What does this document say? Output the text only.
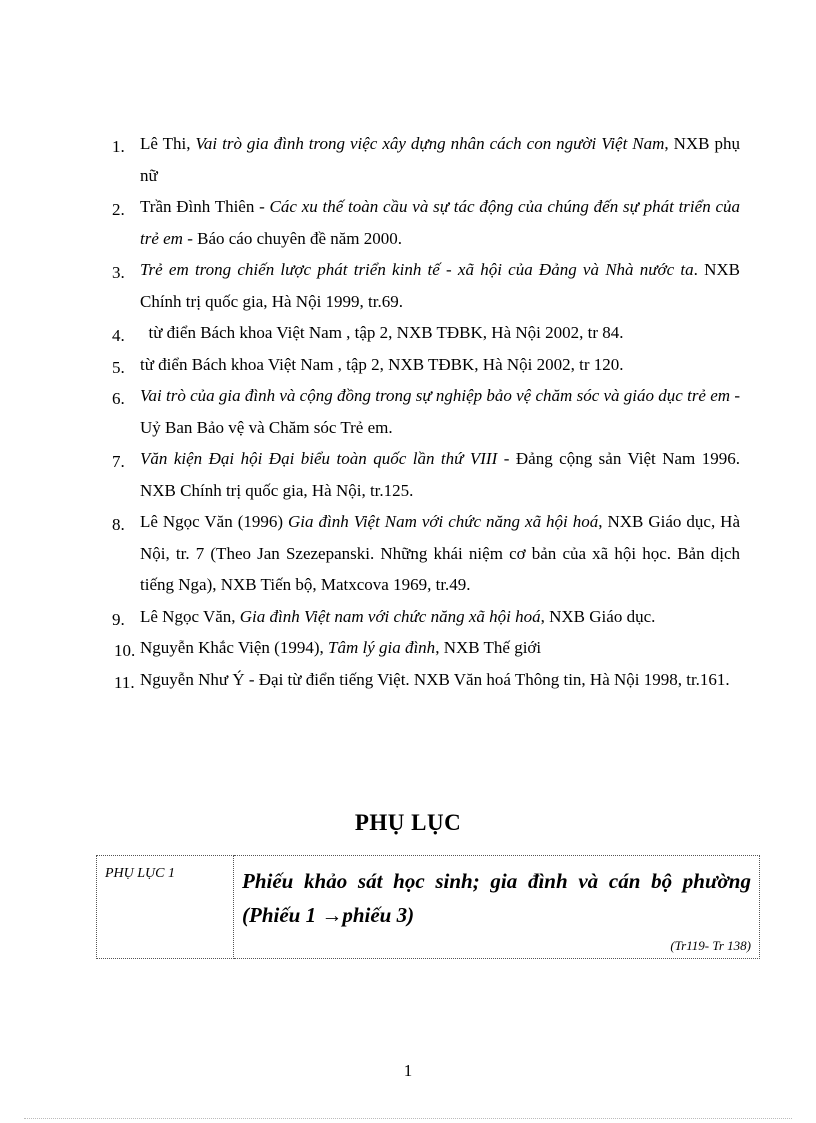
1. Lê Thi, Vai trò gia đình trong việc xây dựng nhân cách con người Việt Nam, NXB phụ nữ
2. Trần Đình Thiên - Các xu thế toàn cầu và sự tác động của chúng đến sự phát triển của trẻ em - Báo cáo chuyên đề năm 2000.
3. Trẻ em trong chiến lược phát triển kinh tế - xã hội của Đảng và Nhà nước ta. NXB Chính trị quốc gia, Hà Nội 1999, tr.69.
4. từ điển Bách khoa Việt Nam , tập 2, NXB TĐBK, Hà Nội 2002, tr 84.
5. từ điển Bách khoa Việt Nam , tập 2, NXB TĐBK, Hà Nội 2002, tr 120.
6. Vai trò của gia đình và cộng đồng trong sự nghiệp bảo vệ chăm sóc và giáo dục trẻ em - Uỷ Ban Bảo vệ và Chăm sóc Trẻ em.
7. Văn kiện Đại hội Đại biểu toàn quốc lần thứ VIII - Đảng cộng sản Việt Nam 1996. NXB Chính trị quốc gia, Hà Nội, tr.125.
8. Lê Ngọc Văn (1996) Gia đình Việt Nam với chức năng xã hội hoá, NXB Giáo dục, Hà Nội, tr. 7 (Theo Jan Szezepanski. Những khái niệm cơ bản của xã hội học. Bản dịch tiếng Nga), NXB Tiến bộ, Matxcova 1969, tr.49.
9. Lê Ngọc Văn, Gia đình Việt nam với chức năng xã hội hoá, NXB Giáo dục.
10. Nguyễn Khắc Viện (1994), Tâm lý gia đình, NXB Thế giới
11. Nguyễn Như Ý - Đại từ điển tiếng Việt. NXB Văn hoá Thông tin, Hà Nội 1998, tr.161.
PHỤ LỤC
PHỤ LỤC 1	Phiếu khảo sát học sinh; gia đình và cán bộ phường (Phiếu 1 →phiếu 3)
(Tr119- Tr 138)
1
